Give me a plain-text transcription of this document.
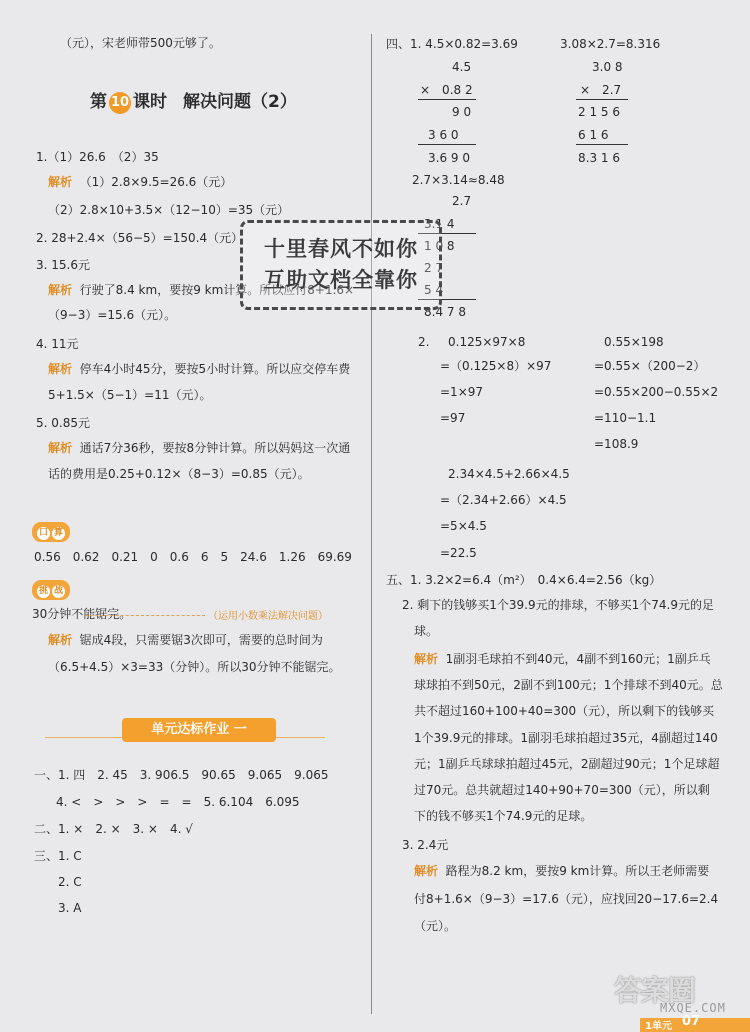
（元），宋老师带500元够了。
第 10 课时 解决问题（2）
1.（1）26.6　（2）35
解析 （1）2.8×9.5=26.6（元）
（2）2.8×10+3.5×（12−10）=35（元）
2. 28+2.4×（56−5）=150.4（元）
3. 15.6元
解析 行驶了8.4 km，要按9 km计算。所以应付8+1.6×
（9−3）=15.6（元）。
4. 11元
解析 停车4小时45分，要按5小时计算。所以应交停车费
5+1.5×（5−1）=11（元）。
5. 0.85元
解析 通话7分36秒，要按8分钟计算。所以妈妈这一次通
话的费用是0.25+0.12×（8−3）=0.85（元）。
口 算
0.56　0.62　0.21　0　0.6　6　5　24.6　1.26　69.69
挑 战
30分钟不能锯完。	（运用小数乘法解决问题）
解析 锯成4段，只需要锯3次即可，需要的总时间为
（6.5+4.5）×3=33（分钟）。所以30分钟不能锯完。
单元达标作业 一
一、1. 四　2. 45　3. 906.5　90.65　9.065　9.065
4. <　>　>　>　=　=　5. 6.104　6.095
二、1. ×　2. ×　3. ×　4. √
三、1. C
2. C
3. A
四、1. 4.5×0.82=3.69	3.08×2.7=8.316
4.5
×　0.8 2
9 0
3 6 0
3.6 9 0
3.0 8
×　2.7
2 1 5 6
6 1 6
8.3 1 6
2.7×3.14≈8.48
2.7
3.1 4
1 0 8
2 7
5 4
8.4 7 8
2. 0.125×97×8
=（0.125×8）×97
=1×97
=97
0.55×198
=0.55×（200−2）
=0.55×200−0.55×2
=110−1.1
=108.9
2.34×4.5+2.66×4.5
=（2.34+2.66）×4.5
=5×4.5
=22.5
五、1. 3.2×2=6.4（m²）　0.4×6.4=2.56（kg）
2. 剩下的钱够买1个39.9元的排球，不够买1个74.9元的足
球。
解析 1副羽毛球拍不到40元，4副不到160元；1副乒乓
球球拍不到50元，2副不到100元；1个排球不到40元。总
共不超过160+100+40=300（元），所以剩下的钱够买
1个39.9元的排球。1副羽毛球拍超过35元，4副超过140
元；1副乒乓球球拍超过45元，2副超过90元；1个足球超
过70元。总共就超过140+90+70=300（元），所以剩
下的钱不够买1个74.9元的足球。
3. 2.4元
解析 路程为8.2 km，要按9 km计算。所以王老师需要
付8+1.6×（9−3）=17.6（元），应找回20−17.6=2.4
（元）。
十里春风不如你
互助文档全靠你
答案圈
MXQE.COM
1单元 07
